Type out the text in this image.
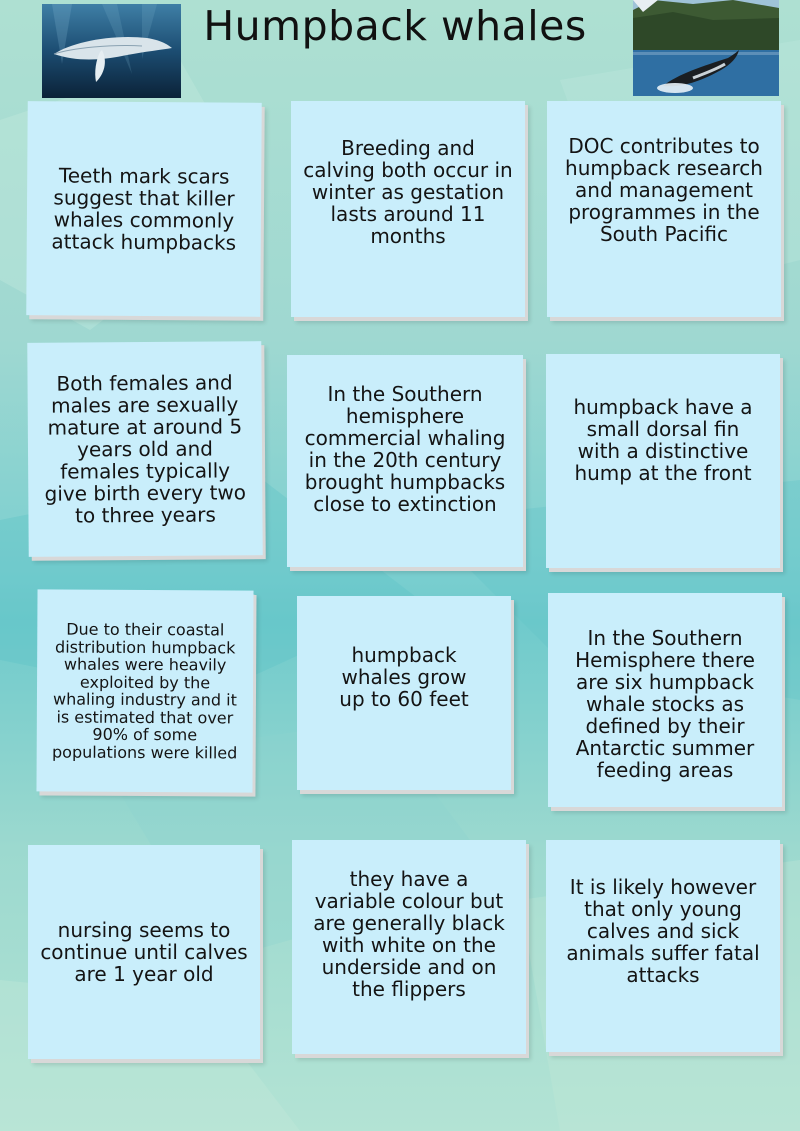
Humpback whales
Teeth mark scars suggest that killer whales commonly attack humpbacks
Breeding and calving both occur in winter as gestation lasts around 11 months
DOC contributes to humpback research and management programmes in the South Pacific
Both females and males are sexually mature at around 5 years old and females typically give birth every two to three years
In the Southern hemisphere commercial whaling in the 20th century brought humpbacks close to extinction
humpback have a small dorsal fin with a distinctive hump at the front
Due to their coastal distribution humpback whales were heavily exploited by the whaling industry and it is estimated that over 90% of some populations were killed
humpback whales grow up to 60 feet
In the Southern Hemisphere there are six humpback whale stocks as defined by their Antarctic summer feeding areas
nursing seems to continue until calves are 1 year old
they have a variable colour but are generally black with white on the underside and on the flippers
It is likely however that only young calves and sick animals suffer fatal attacks
